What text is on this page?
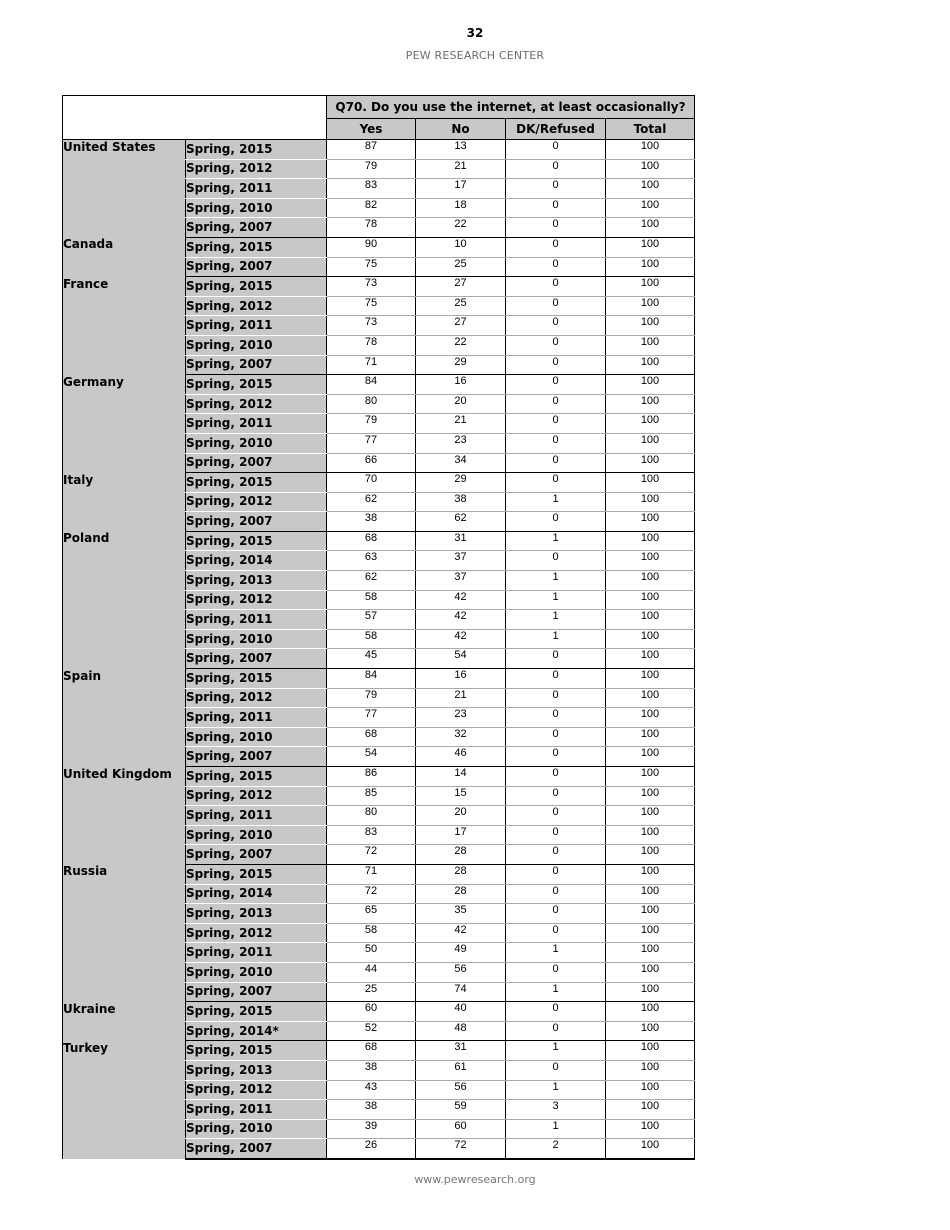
32
PEW RESEARCH CENTER
		Q70. Do you use the internet, at least occasionally?			
		Yes	No	DK/Refused	Total
United States	Spring, 2015	87	13	0	100
	Spring, 2012	79	21	0	100
	Spring, 2011	83	17	0	100
	Spring, 2010	82	18	0	100
	Spring, 2007	78	22	0	100
Canada	Spring, 2015	90	10	0	100
	Spring, 2007	75	25	0	100
France	Spring, 2015	73	27	0	100
	Spring, 2012	75	25	0	100
	Spring, 2011	73	27	0	100
	Spring, 2010	78	22	0	100
	Spring, 2007	71	29	0	100
Germany	Spring, 2015	84	16	0	100
	Spring, 2012	80	20	0	100
	Spring, 2011	79	21	0	100
	Spring, 2010	77	23	0	100
	Spring, 2007	66	34	0	100
Italy	Spring, 2015	70	29	0	100
	Spring, 2012	62	38	1	100
	Spring, 2007	38	62	0	100
Poland	Spring, 2015	68	31	1	100
	Spring, 2014	63	37	0	100
	Spring, 2013	62	37	1	100
	Spring, 2012	58	42	1	100
	Spring, 2011	57	42	1	100
	Spring, 2010	58	42	1	100
	Spring, 2007	45	54	0	100
Spain	Spring, 2015	84	16	0	100
	Spring, 2012	79	21	0	100
	Spring, 2011	77	23	0	100
	Spring, 2010	68	32	0	100
	Spring, 2007	54	46	0	100
United Kingdom	Spring, 2015	86	14	0	100
	Spring, 2012	85	15	0	100
	Spring, 2011	80	20	0	100
	Spring, 2010	83	17	0	100
	Spring, 2007	72	28	0	100
Russia	Spring, 2015	71	28	0	100
	Spring, 2014	72	28	0	100
	Spring, 2013	65	35	0	100
	Spring, 2012	58	42	0	100
	Spring, 2011	50	49	1	100
	Spring, 2010	44	56	0	100
	Spring, 2007	25	74	1	100
Ukraine	Spring, 2015	60	40	0	100
	Spring, 2014*	52	48	0	100
Turkey	Spring, 2015	68	31	1	100
	Spring, 2013	38	61	0	100
	Spring, 2012	43	56	1	100
	Spring, 2011	38	59	3	100
	Spring, 2010	39	60	1	100
	Spring, 2007	26	72	2	100
www.pewresearch.org
